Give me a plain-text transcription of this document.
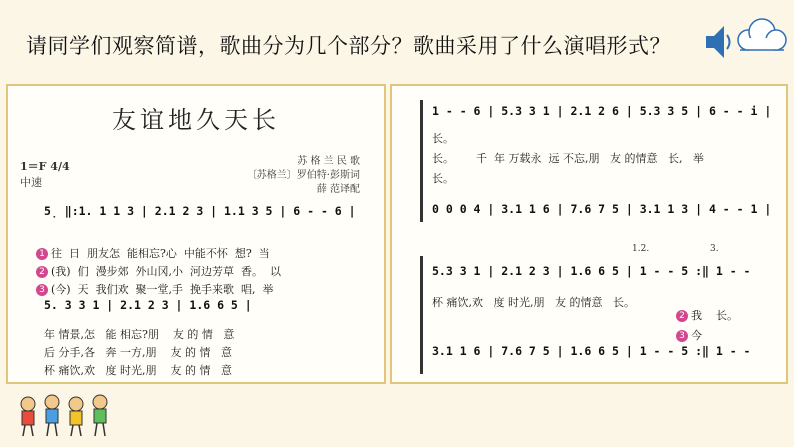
请同学们观察简谱，歌曲分为几个部分？歌曲采用了什么演唱形式？
友谊地久天长
1＝F 4/4
中速
苏 格 兰 民 歌
〔苏格兰〕罗伯特·彭斯词
薛 范译配
5̣ ‖:1. 1 1 3 | 2.1 2 3 | 1.1 3 5 | 6 - - 6 |

1 往  日  朋友怎  能相忘?心  中能不怀  想?  当

2 (我)  们  漫步郊  外山冈,小  河边芳草  香。  以

3 (今)  天  我们欢  聚一堂,手  挽手来歌  唱,  举

5. 3 3 1 | 2.1 2 3 | 1.6 6 5 |
年 情景,怎   能 相忘?朋    友 的 情   意
后 分手,各   奔 一方,朋    友 的 情   意
杯 痛饮,欢   度 时光,朋    友 的 情   意
1 - - 6 | 5.3 3 1 | 2.1 2 6 | 5.3 3 5 | 6 - - i |
长。
长。
长。
千  年 万载永  远 不忘,朋   友 的情意   长,   举
0 0 0 4 | 3.1 1 6 | 7.6 7 5 | 3.1 1 3 | 4 - - 1 |
1.2.	3.
5.3 3 1 | 2.1 2 3 | 1.6 6 5 | 1 - - 5 :‖ 1 - -
杯 痛饮,欢   度 时光,朋   友 的情意   长。

2 我    长。

3 今

3.1 1 6 | 7.6 7 5 | 1.6 6 5 | 1 - - 5 :‖ 1 - -
